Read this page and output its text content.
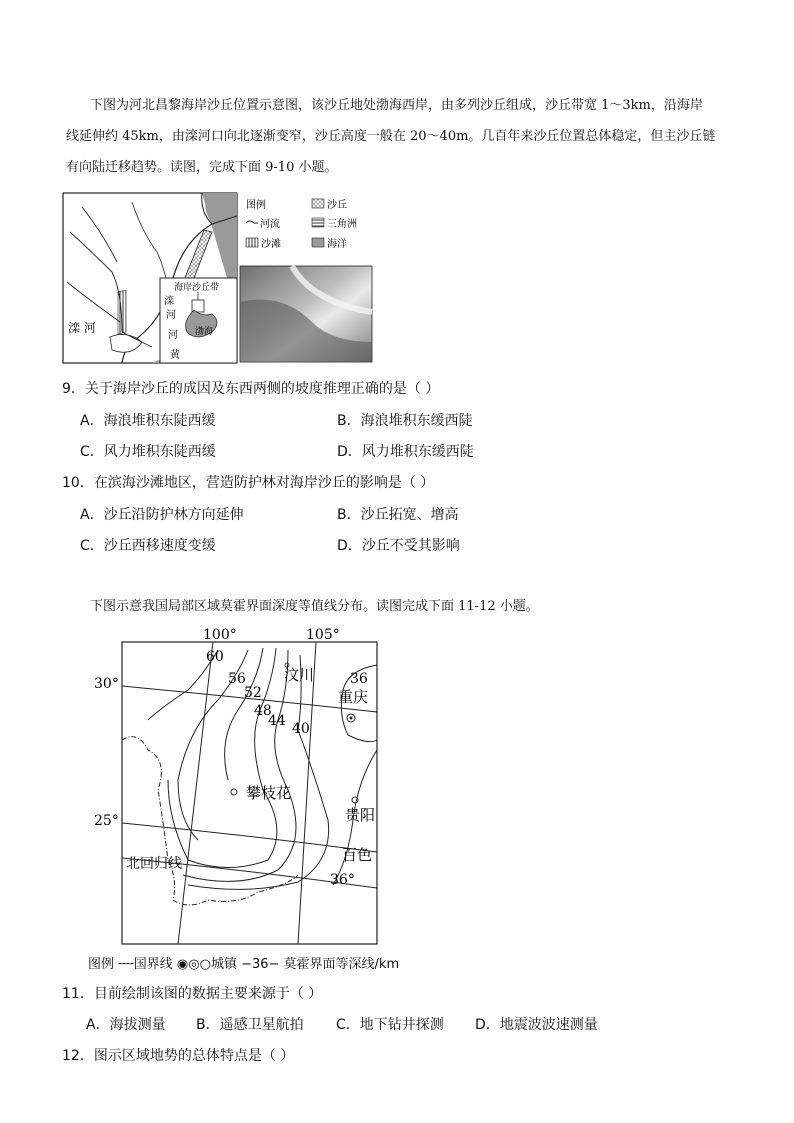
下图为河北昌黎海岸沙丘位置示意图，该沙丘地处渤海西岸，由多列沙丘组成，沙丘带宽 1～3km，沿海岸
线延伸约 45km，由滦河口向北逐渐变窄，沙丘高度一般在 20～40m。几百年来沙丘位置总体稳定，但主沙丘链
有向陆迁移趋势。读图，完成下面 9-10 小题。
滦 河
海岸沙丘带
滦
河
河 渤海
黄
图例	沙丘
河流	三角洲
沙滩	海洋
9．关于海岸沙丘的成因及东西两侧的坡度推理正确的是（ ）
A．海浪堆积东陡西缓	B．海浪堆积东缓西陡
C．风力堆积东陡西缓	D．风力堆积东缓西陡
10．在滨海沙滩地区，营造防护林对海岸沙丘的影响是（ ）
A．沙丘沿防护林方向延伸	B．沙丘拓宽、增高
C．沙丘西移速度变缓	D．沙丘不受其影响
下图示意我国局部区域莫霍界面深度等值线分布。读图完成下面 11-12 小题。
100°	105°
30°
25°
60
56
52
48
44 40
36
36°
汶川
重庆
攀枝花
贵阳
百色
北回归线
图例 ╌╌国界线 ◉◎○城镇 −36− 莫霍界面等深线/km
11．目前绘制该图的数据主要来源于（ ）
A．海拔测量 B．遥感卫星航拍 C．地下钻井探测 D．地震波波速测量
12．图示区域地势的总体特点是（ ）
